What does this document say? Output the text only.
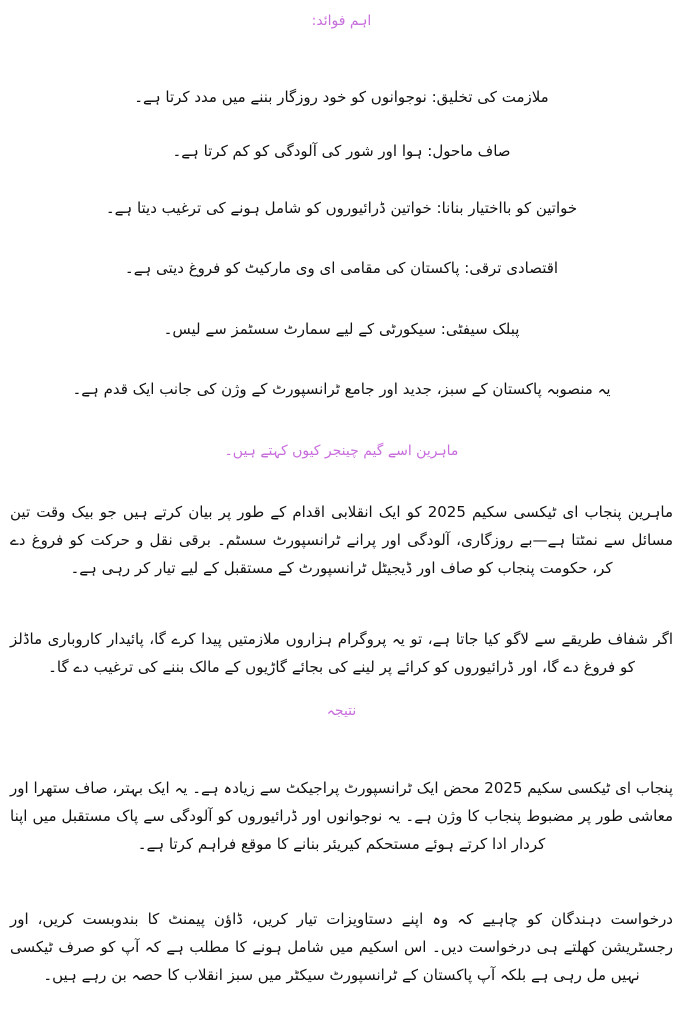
اہم فوائد:
ملازمت کی تخلیق: نوجوانوں کو خود روزگار بننے میں مدد کرتا ہے۔
صاف ماحول: ہوا اور شور کی آلودگی کو کم کرتا ہے۔
خواتین کو بااختیار بنانا: خواتین ڈرائیوروں کو شامل ہونے کی ترغیب دیتا ہے۔
اقتصادی ترقی: پاکستان کی مقامی ای وی مارکیٹ کو فروغ دیتی ہے۔
پبلک سیفٹی: سیکورٹی کے لیے سمارٹ سسٹمز سے لیس۔
یہ منصوبہ پاکستان کے سبز، جدید اور جامع ٹرانسپورٹ کے وژن کی جانب ایک قدم ہے۔
ماہرین اسے گیم چینجر کیوں کہتے ہیں۔
ماہرین پنجاب ای ٹیکسی سکیم 2025 کو ایک انقلابی اقدام کے طور پر بیان کرتے ہیں جو بیک وقت تین مسائل سے نمٹتا ہے—بے روزگاری، آلودگی اور پرانے ٹرانسپورٹ سسٹم۔ برقی نقل و حرکت کو فروغ دے کر، حکومت پنجاب کو صاف اور ڈیجیٹل ٹرانسپورٹ کے مستقبل کے لیے تیار کر رہی ہے۔
اگر شفاف طریقے سے لاگو کیا جاتا ہے، تو یہ پروگرام ہزاروں ملازمتیں پیدا کرے گا، پائیدار کاروباری ماڈلز کو فروغ دے گا، اور ڈرائیوروں کو کرائے پر لینے کی بجائے گاڑیوں کے مالک بننے کی ترغیب دے گا۔
نتیجہ
پنجاب ای ٹیکسی سکیم 2025 محض ایک ٹرانسپورٹ پراجیکٹ سے زیادہ ہے۔ یہ ایک بہتر، صاف ستھرا اور معاشی طور پر مضبوط پنجاب کا وژن ہے۔ یہ نوجوانوں اور ڈرائیوروں کو آلودگی سے پاک مستقبل میں اپنا کردار ادا کرتے ہوئے مستحکم کیریئر بنانے کا موقع فراہم کرتا ہے۔
درخواست دہندگان کو چاہیے کہ وہ اپنے دستاویزات تیار کریں، ڈاؤن پیمنٹ کا بندوبست کریں، اور رجسٹریشن کھلتے ہی درخواست دیں۔ اس اسکیم میں شامل ہونے کا مطلب ہے کہ آپ کو صرف ٹیکسی نہیں مل رہی ہے بلکہ آپ پاکستان کے ٹرانسپورٹ سیکٹر میں سبز انقلاب کا حصہ بن رہے ہیں۔
